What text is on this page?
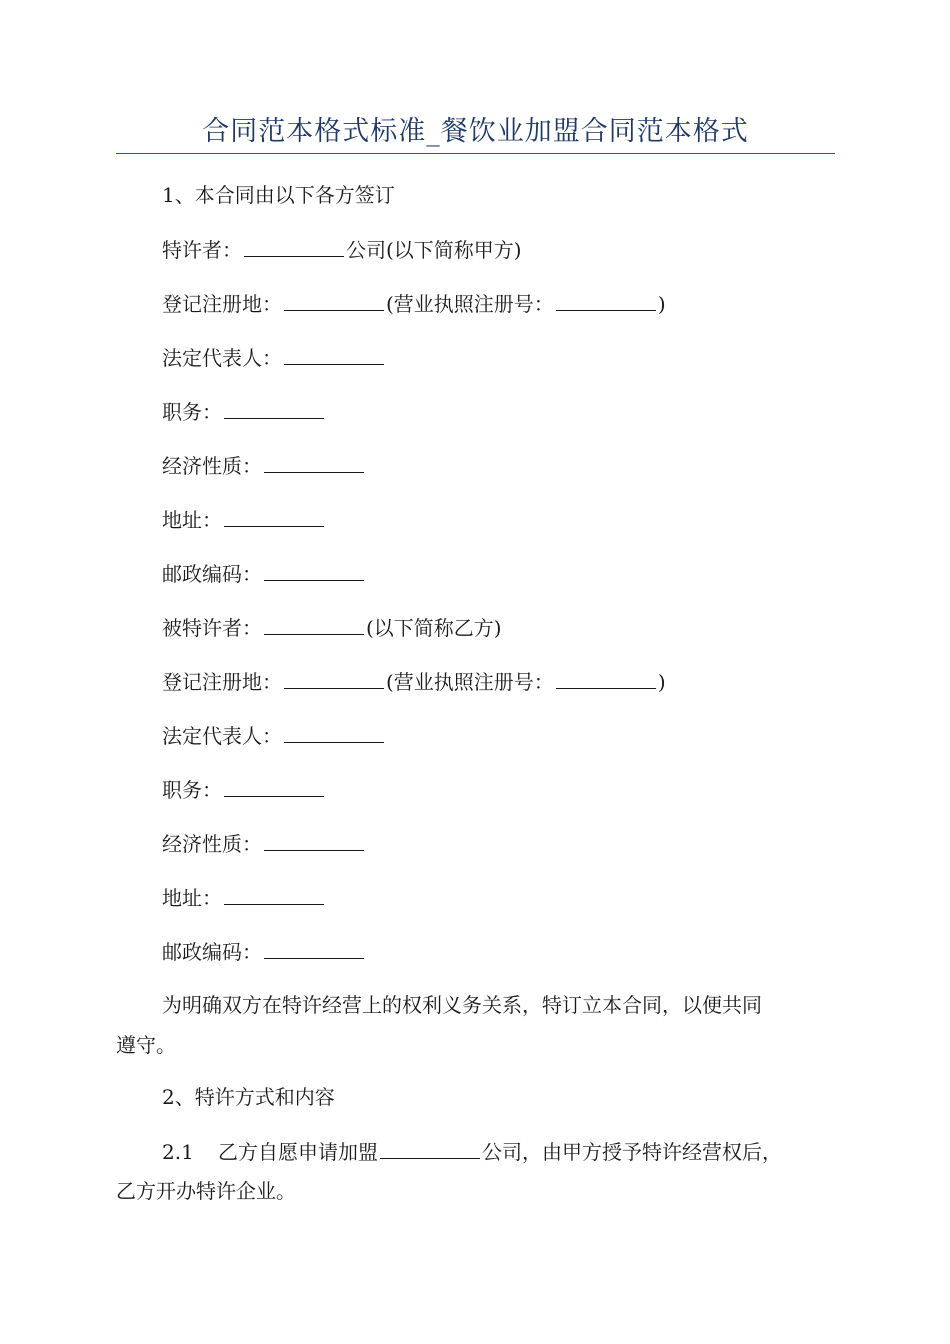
合同范本格式标准_餐饮业加盟合同范本格式
1、本合同由以下各方签订
特许者：	公司(以下简称甲方)
登记注册地：	(营业执照注册号：	)
法定代表人：
职务：
经济性质：
地址：
邮政编码：
被特许者：	(以下简称乙方)
登记注册地：	(营业执照注册号：	)
法定代表人：
职务：
经济性质：
地址：
邮政编码：
为明确双方在特许经营上的权利义务关系，特订立本合同，以便共同
遵守。
2、特许方式和内容
2.1 乙方自愿申请加盟	公司，由甲方授予特许经营权后，
乙方开办特许企业。
